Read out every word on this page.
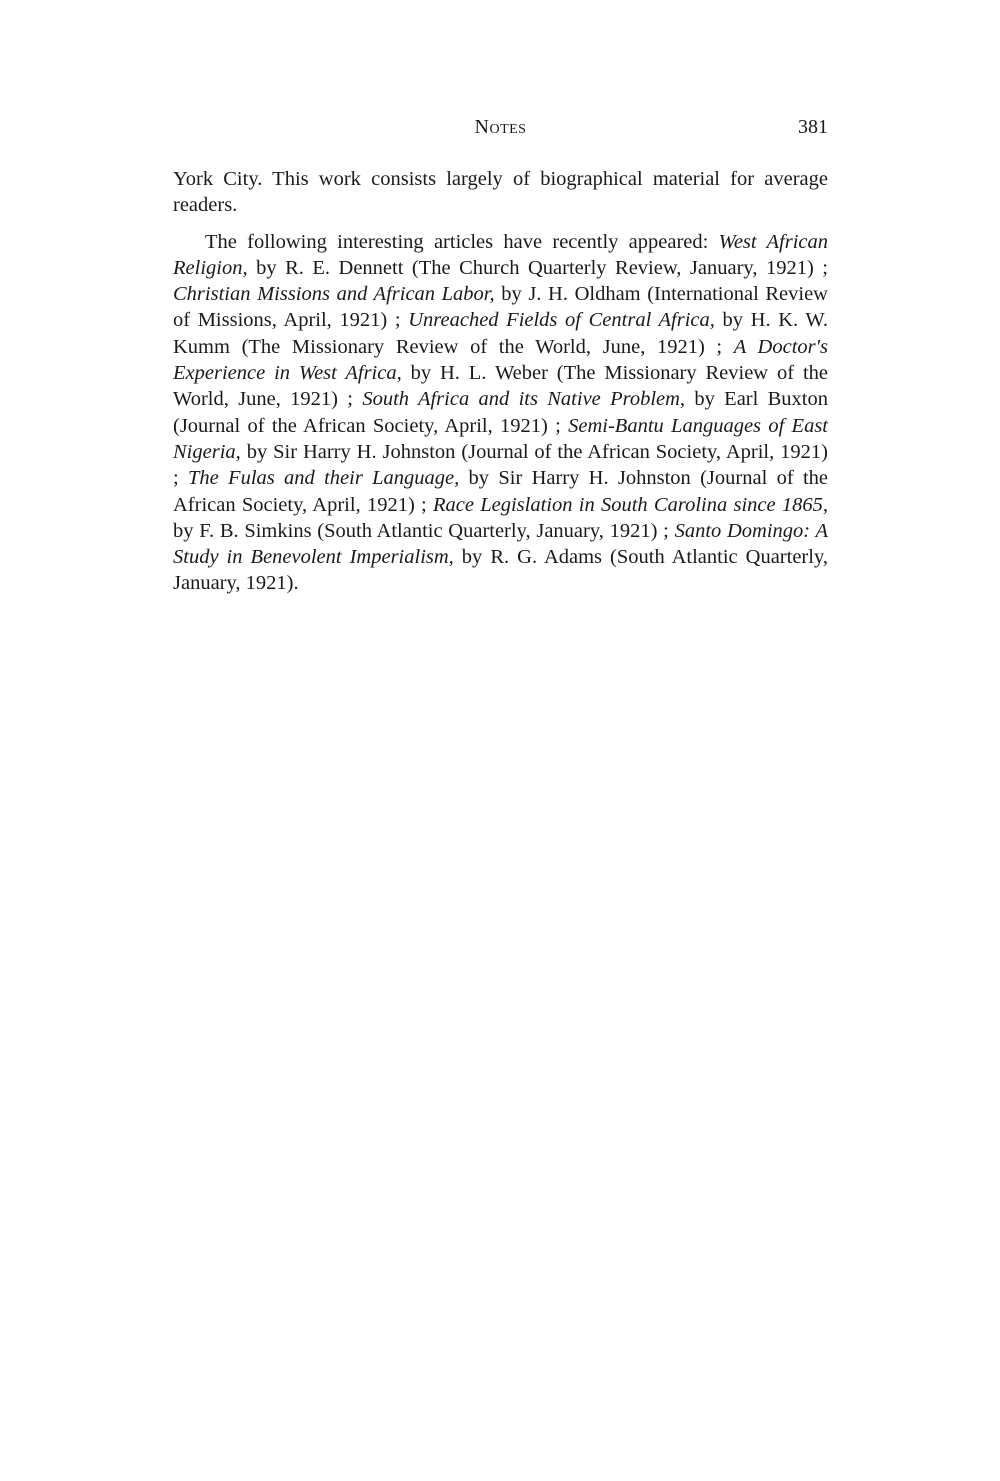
Notes	381

York City. This work consists largely of biographical material for average readers.

The following interesting articles have recently appeared: West African Religion, by R. E. Dennett (The Church Quarterly Review, January, 1921) ; Christian Missions and African Labor, by J. H. Oldham (International Review of Missions, April, 1921) ; Unreached Fields of Central Africa, by H. K. W. Kumm (The Missionary Review of the World, June, 1921) ; A Doctor's Experience in West Africa, by H. L. Weber (The Missionary Review of the World, June, 1921) ; South Africa and its Native Problem, by Earl Buxton (Journal of the African Society, April, 1921) ; Semi-Bantu Languages of East Nigeria, by Sir Harry H. Johnston (Journal of the African Society, April, 1921) ; The Fulas and their Language, by Sir Harry H. Johnston (Journal of the African Society, April, 1921) ; Race Legislation in South Carolina since 1865, by F. B. Simkins (South Atlantic Quarterly, January, 1921) ; Santo Domingo: A Study in Benevolent Imperialism, by R. G. Adams (South Atlantic Quarterly, January, 1921).
